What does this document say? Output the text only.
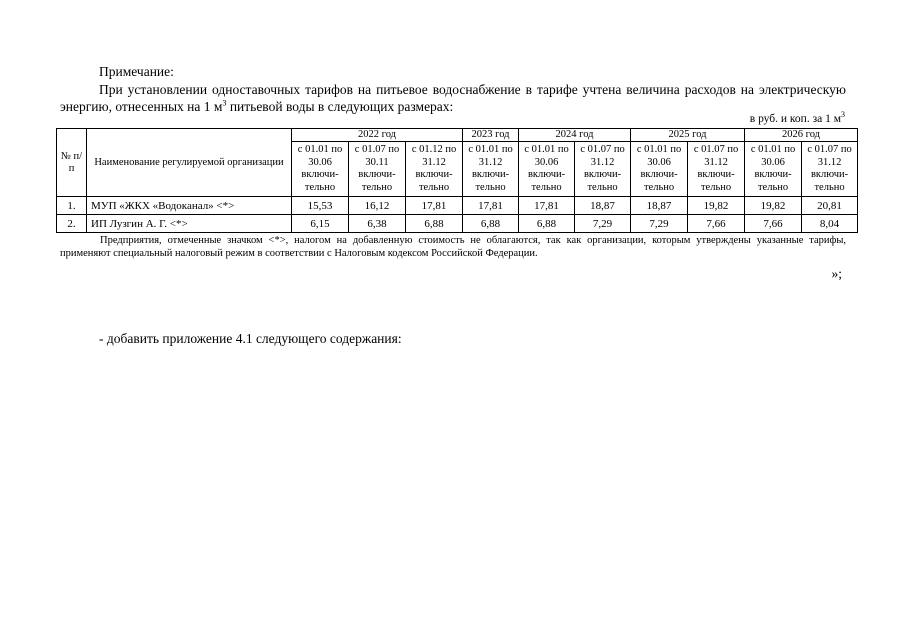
Примечание:

При установлении одноставочных тарифов на питьевое водоснабжение в тарифе учтена величина расходов на электрическую энергию, отнесенных на 1 $м^3$ питьевой воды в следующих размерах:

в руб. и коп. за 1 $м^3$
№ п/п	Наименование регулируемой организации	2022 год			2023 год	2024 год		2025 год		2026 год	
		с 01.01 по 30.06 включи-тельно	с 01.07 по 30.11 включи-тельно	с 01.12 по 31.12 включи-тельно	с 01.01 по 31.12 включи-тельно	с 01.01 по 30.06 включи-тельно	с 01.07 по 31.12 включи-тельно	с 01.01 по 30.06 включи-тельно	с 01.07 по 31.12 включи-тельно	с 01.01 по 30.06 включи-тельно	с 01.07 по 31.12 включи-тельно
1.	МУП «ЖКХ «Водоканал» <*>	15,53	16,12	17,81	17,81	17,81	18,87	18,87	19,82	19,82	20,81
2.	ИП Лузгин А. Г. <*>	6,15	6,38	6,88	6,88	6,88	7,29	7,29	7,66	7,66	8,04

Предприятия, отмеченные значком <*>, налогом на добавленную стоимость не облагаются, так как организации, которым утверждены указанные тарифы, применяют специальный налоговый режим в соответствии с Налоговым кодексом Российской Федерации.

»;
- добавить приложение 4.1 следующего содержания:
